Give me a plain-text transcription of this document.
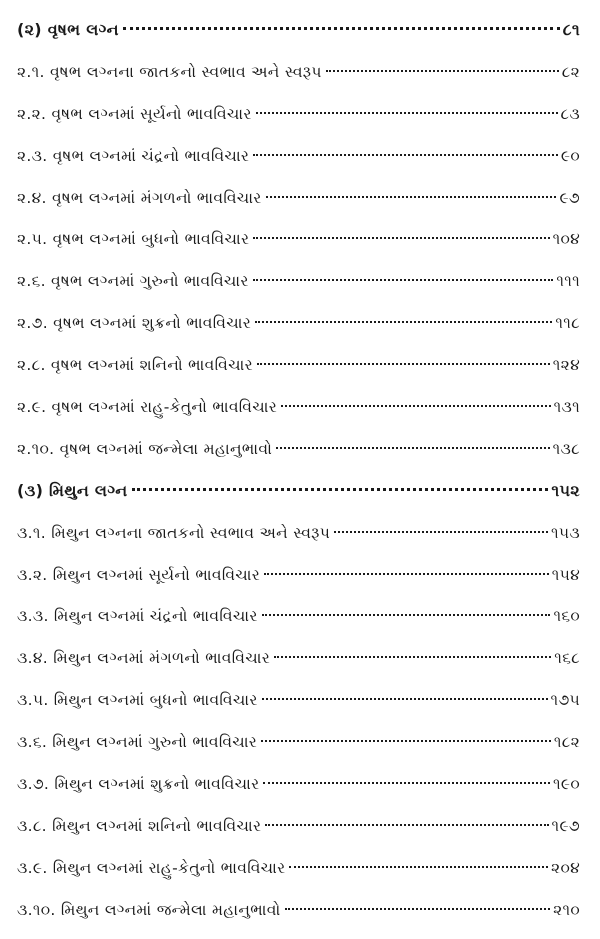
(૨) વૃષભ લગ્ન	૮૧
૨.૧. વૃષભ લગ્નના જાતકનો સ્વભાવ અને સ્વરૂપ	૮૨
૨.૨. વૃષભ લગ્નમાં સૂર્યનો ભાવવિચાર	૮૩
૨.૩. વૃષભ લગ્નમાં ચંદ્રનો ભાવવિચાર	૯૦
૨.૪. વૃષભ લગ્નમાં મંગળનો ભાવવિચાર	૯૭
૨.૫. વૃષભ લગ્નમાં બુધનો ભાવવિચાર	૧૦૪
૨.૬. વૃષભ લગ્નમાં ગુરુનો ભાવવિચાર	૧૧૧
૨.૭. વૃષભ લગ્નમાં શુક્રનો ભાવવિચાર	૧૧૮
૨.૮. વૃષભ લગ્નમાં શનિનો ભાવવિચાર	૧૨૪
૨.૯. વૃષભ લગ્નમાં રાહુ-કેતુનો ભાવવિચાર	૧૩૧
૨.૧૦. વૃષભ લગ્નમાં જન્મેલા મહાનુભાવો	૧૩૮
(૩) મિથુન લગ્ન	૧૫૨
૩.૧. મિથુન લગ્નના જાતકનો સ્વભાવ અને સ્વરૂપ	૧૫૩
૩.૨. મિથુન લગ્નમાં સૂર્યનો ભાવવિચાર	૧૫૪
૩.૩. મિથુન લગ્નમાં ચંદ્રનો ભાવવિચાર	૧૬૦
૩.૪. મિથુન લગ્નમાં મંગળનો ભાવવિચાર	૧૬૮
૩.૫. મિથુન લગ્નમાં બુધનો ભાવવિચાર	૧૭૫
૩.૬. મિથુન લગ્નમાં ગુરુનો ભાવવિચાર	૧૮૨
૩.૭. મિથુન લગ્નમાં શુક્રનો ભાવવિચાર	૧૯૦
૩.૮. મિથુન લગ્નમાં શનિનો ભાવવિચાર	૧૯૭
૩.૯. મિથુન લગ્નમાં રાહુ-કેતુનો ભાવવિચાર	૨૦૪
૩.૧૦. મિથુન લગ્નમાં જન્મેલા મહાનુભાવો	૨૧૦
